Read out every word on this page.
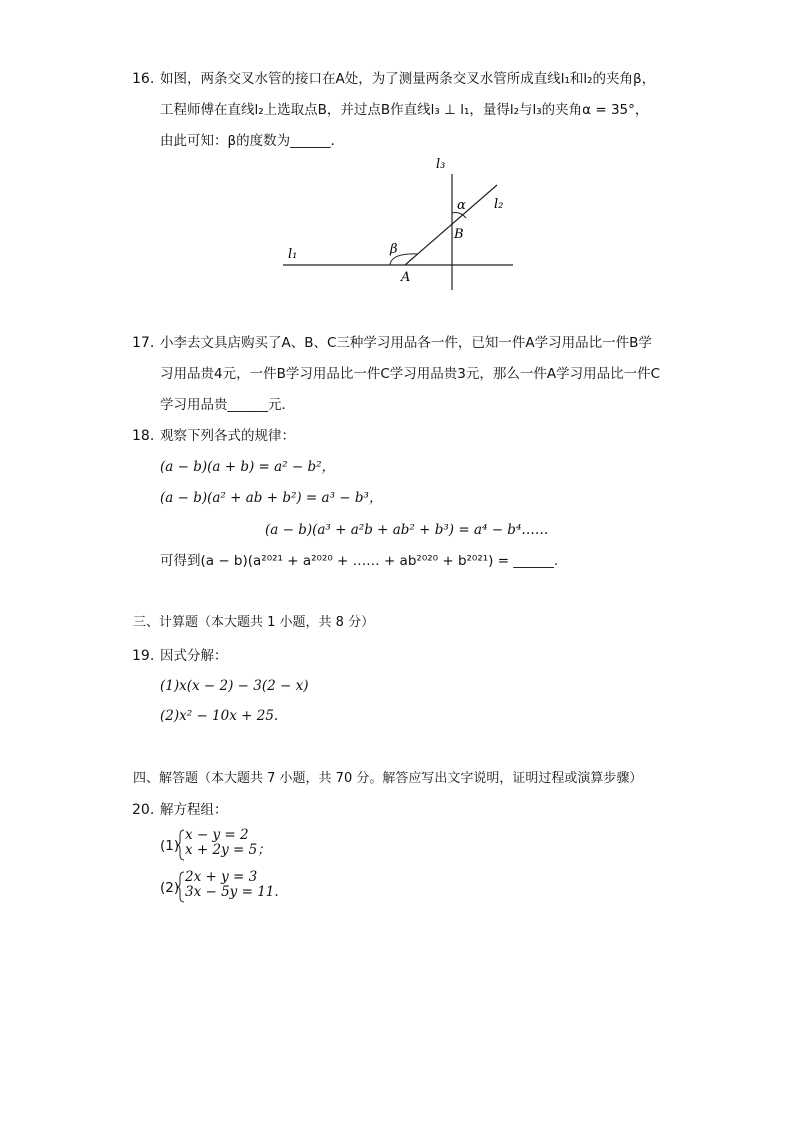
16. 如图，两条交叉水管的接口在A处，为了测量两条交叉水管所成直线l₁和l₂的夹角β，
工程师傅在直线l₂上选取点B，并过点B作直线l₃ ⊥ l₁，量得l₂与l₃的夹角α = 35°，
由此可知：β的度数为______．
l₃
l₂
l₁
α
β
B
A
17. 小李去文具店购买了A、B、C三种学习用品各一件，已知一件A学习用品比一件B学
习用品贵4元，一件B学习用品比一件C学习用品贵3元，那么一件A学习用品比一件C
学习用品贵______元．
18. 观察下列各式的规律：
(a − b)(a + b) = a² − b²，
(a − b)(a² + ab + b²) = a³ − b³，
(a − b)(a³ + a²b + ab² + b³) = a⁴ − b⁴……
可得到(a − b)(a²⁰²¹ + a²⁰²⁰ + …… + ab²⁰²⁰ + b²⁰²¹) = ______.
三、计算题（本大题共 1 小题，共 8 分）
19. 因式分解：
(1)x(x − 2) − 3(2 − x)
(2)x² − 10x + 25.
四、解答题（本大题共 7 小题，共 70 分。解答应写出文字说明，证明过程或演算步骤）
20. 解方程组：
(1)
x − y = 2
x + 2y = 5；
(2)
2x + y = 3
3x − 5y = 11.
